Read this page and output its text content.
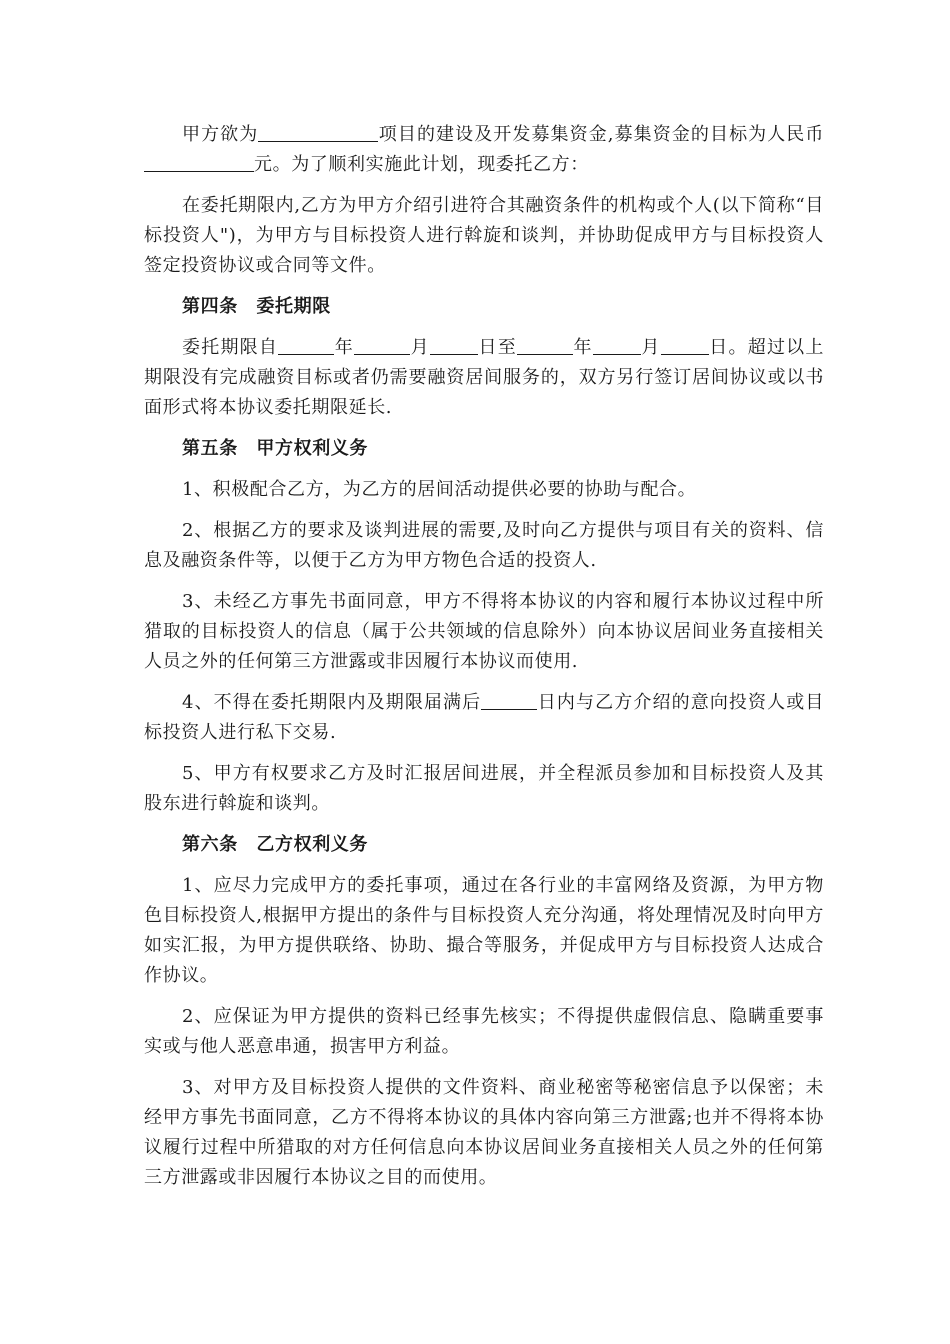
甲方欲为	项目的建设及开发募集资金,募集资金的目标为人民币元。为了顺利实施此计划，现委托乙方：

在委托期限内,乙方为甲方介绍引进符合其融资条件的机构或个人(以下简称“目标投资人")，为甲方与目标投资人进行斡旋和谈判，并协助促成甲方与目标投资人签定投资协议或合同等文件。

第四条　委托期限

委托期限自	年	月	日至	年	月	日。超过以上期限没有完成融资目标或者仍需要融资居间服务的，双方另行签订居间协议或以书面形式将本协议委托期限延长.

第五条　甲方权利义务

1、积极配合乙方，为乙方的居间活动提供必要的协助与配合。

2、根据乙方的要求及谈判进展的需要,及时向乙方提供与项目有关的资料、信息及融资条件等，以便于乙方为甲方物色合适的投资人.

3、未经乙方事先书面同意，甲方不得将本协议的内容和履行本协议过程中所猎取的目标投资人的信息（属于公共领域的信息除外）向本协议居间业务直接相关人员之外的任何第三方泄露或非因履行本协议而使用.

4、不得在委托期限内及期限届满后	日内与乙方介绍的意向投资人或目标投资人进行私下交易.

5、甲方有权要求乙方及时汇报居间进展，并全程派员参加和目标投资人及其股东进行斡旋和谈判。

第六条　乙方权利义务

1、应尽力完成甲方的委托事项，通过在各行业的丰富网络及资源，为甲方物色目标投资人,根据甲方提出的条件与目标投资人充分沟通，将处理情况及时向甲方如实汇报，为甲方提供联络、协助、撮合等服务，并促成甲方与目标投资人达成合作协议。

2、应保证为甲方提供的资料已经事先核实；不得提供虚假信息、隐瞒重要事实或与他人恶意串通，损害甲方利益。

3、对甲方及目标投资人提供的文件资料、商业秘密等秘密信息予以保密；未经甲方事先书面同意，乙方不得将本协议的具体内容向第三方泄露;也并不得将本协议履行过程中所猎取的对方任何信息向本协议居间业务直接相关人员之外的任何第三方泄露或非因履行本协议之目的而使用。
